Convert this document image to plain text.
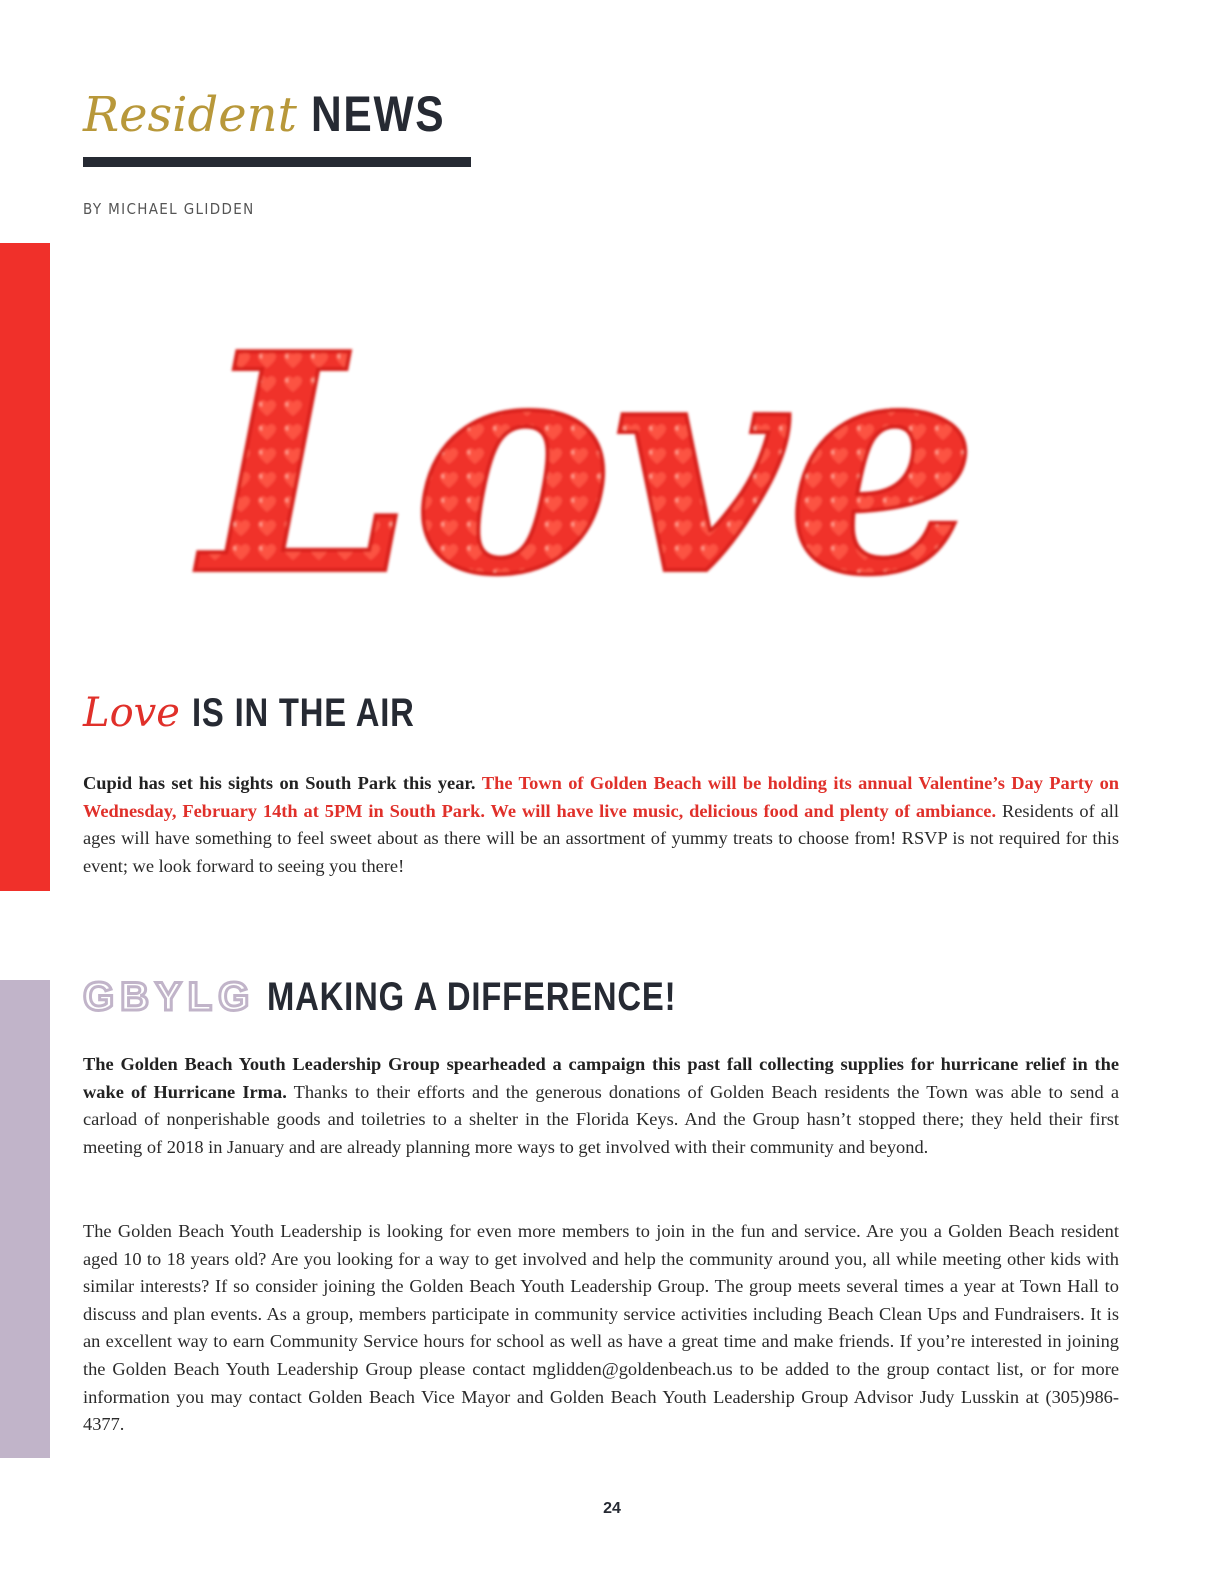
Resident NEWS
BY MICHAEL GLIDDEN
Love
Love IS IN THE AIR
Cupid has set his sights on South Park this year. The Town of Golden Beach will be holding its annual Valentine’s Day Party on Wednesday, February 14th at 5PM in South Park. We will have live music, delicious food and plenty of ambiance. Residents of all ages will have something to feel sweet about as there will be an assortment of yummy treats to choose from! RSVP is not required for this event; we look forward to seeing you there!
GBYLG MAKING A DIFFERENCE!
The Golden Beach Youth Leadership Group spearheaded a campaign this past fall collecting supplies for hurricane relief in the wake of Hurricane Irma. Thanks to their efforts and the generous donations of Golden Beach residents the Town was able to send a carload of nonperishable goods and toiletries to a shelter in the Florida Keys. And the Group hasn’t stopped there; they held their first meeting of 2018 in January and are already planning more ways to get involved with their community and beyond.
The Golden Beach Youth Leadership is looking for even more members to join in the fun and service. Are you a Golden Beach resident aged 10 to 18 years old? Are you looking for a way to get involved and help the community around you, all while meeting other kids with similar interests? If so consider joining the Golden Beach Youth Leadership Group. The group meets several times a year at Town Hall to discuss and plan events. As a group, members participate in community service activities including Beach Clean Ups and Fundraisers. It is an excellent way to earn Community Service hours for school as well as have a great time and make friends. If you’re interested in joining the Golden Beach Youth Leadership Group please contact mglidden@goldenbeach.us to be added to the group contact list, or for more information you may contact Golden Beach Vice Mayor and Golden Beach Youth Leadership Group Advisor Judy Lusskin at (305)986-4377.
24
